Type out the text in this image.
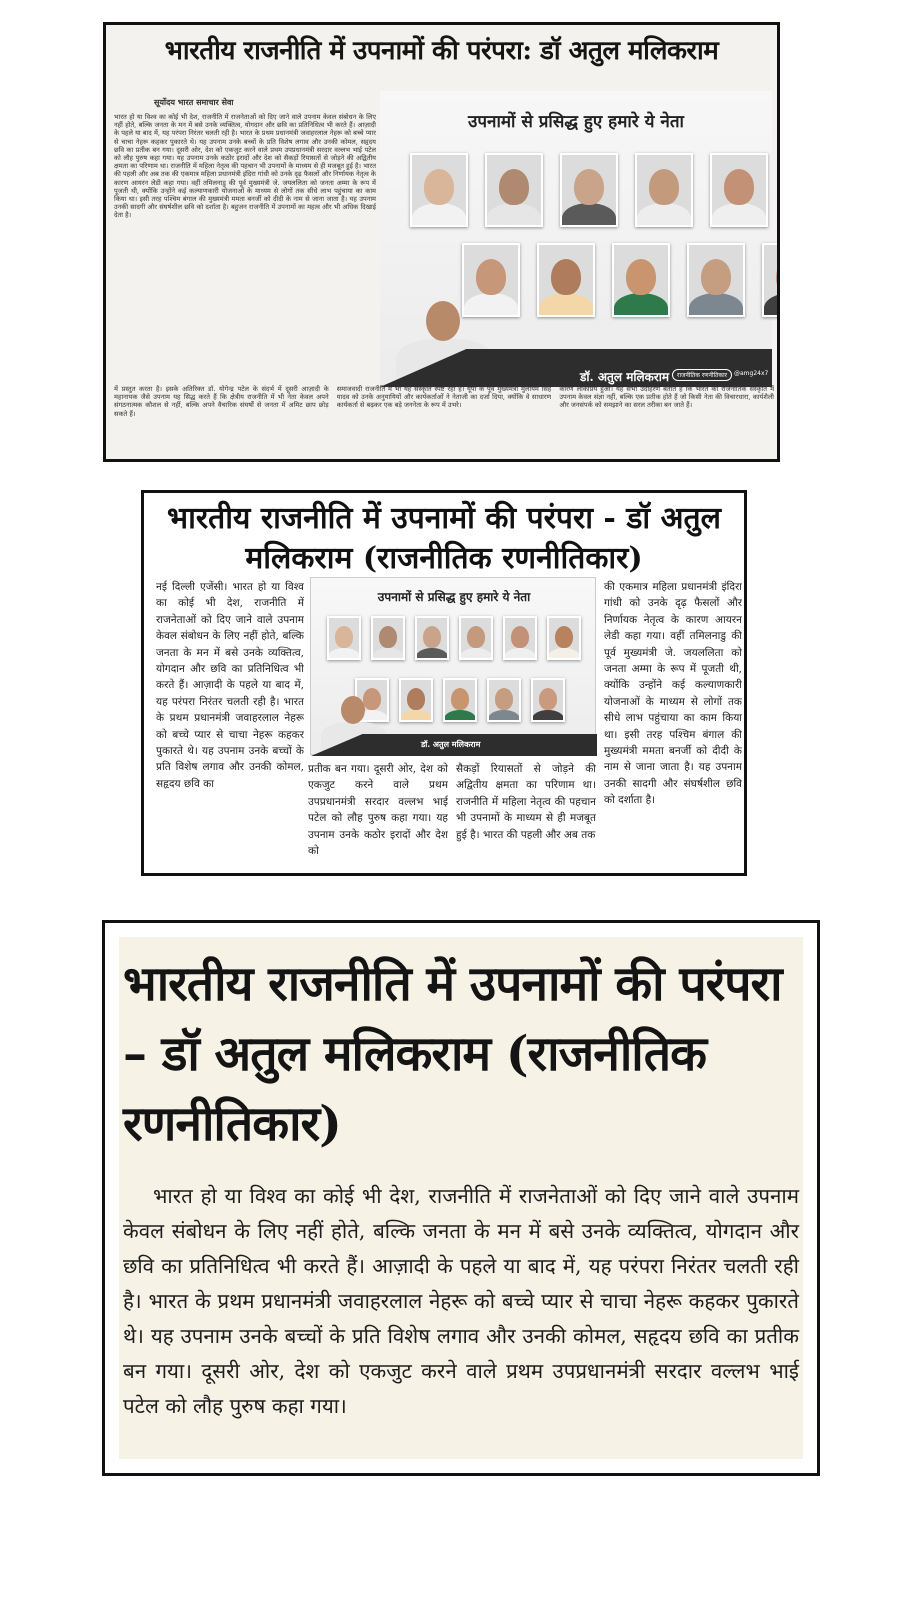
भारतीय राजनीति में उपनामों की परंपरा: डॉ अतुल मलिकराम
सूर्योदय भारत समाचार सेवा
भारत हो या विश्व का कोई भी देश, राजनीति में राजनेताओं को दिए जाने वाले उपनाम केवल संबोधन के लिए नहीं होते, बल्कि जनता के मन में बसे उनके व्यक्तित्व, योगदान और छवि का प्रतिनिधित्व भी करते हैं। आज़ादी के पहले या बाद में, यह परंपरा निरंतर चलती रही है। भारत के प्रथम प्रधानमंत्री जवाहरलाल नेहरू को बच्चे प्यार से चाचा नेहरू कहकर पुकारते थे। यह उपनाम उनके बच्चों के प्रति विशेष लगाव और उनकी कोमल, सहृदय छवि का प्रतीक बन गया। दूसरी ओर, देश को एकजुट करने वाले प्रथम उपप्रधानमंत्री सरदार वल्लभ भाई पटेल को लौह पुरुष कहा गया। यह उपनाम उनके कठोर इरादों और देश को सैकड़ों रियासतों से जोड़ने की अद्वितीय क्षमता का परिणाम था। राजनीति में महिला नेतृत्व की पहचान भी उपनामों के माध्यम से ही मजबूत हुई है। भारत की पहली और अब तक की एकमात्र महिला प्रधानमंत्री इंदिरा गांधी को उनके दृढ़ फैसलों और निर्णायक नेतृत्व के कारण आयरन लेडी कहा गया। वहीं तमिलनाडु की पूर्व मुख्यमंत्री जे. जयललिता को जनता अम्मा के रूप में पूजती थी, क्योंकि उन्होंने कई कल्याणकारी योजनाओं के माध्यम से लोगों तक सीधे लाभ पहुंचाया का काम किया था। इसी तरह पश्चिम बंगाल की मुख्यमंत्री ममता बनर्जी को दीदी के नाम से जाना जाता है। यह उपनाम उनकी सादगी और संघर्षशील छवि को दर्शाता है। बहुजन राजनीति में उपनामों का महत्व और भी अधिक दिखाई देता है।
उपनामों से प्रसिद्ध हुए हमारे ये नेता
डॉ. अतुल मलिकराम	राजनीतिक रणनीतिकार	@amg24x7
में प्रस्तुत करता है। इसके अतिरिक्त डॉ. योगेन्द्र पटेल के संदर्भ में दूसरी आज़ादी के महानायक जैसे उपनाम यह सिद्ध करते हैं कि क्षेत्रीय राजनीति में भी नेता केवल अपने संगठनात्मक कौशल से नहीं, बल्कि अपने वैचारिक संघर्षों से जनता में अमिट छाप छोड़ सकते हैं।
समाजवादी राजनीति में भी यह संस्कृति स्पष्ट रही है। यूपी के पूर्व मुख्यमंत्री मुलायम सिंह यादव को उनके अनुयायियों और कार्यकर्ताओं ने नेताजी का दर्जा दिया, क्योंकि वे साधारण कार्यकर्ता से बढ़कर एक बड़े जननेता के रूप में उभरे।
कारण लोकप्रिय हुआ। यह सभी उदाहरण बताते हैं कि भारत की राजनीतिक संस्कृति में उपनाम केवल संज्ञा नहीं, बल्कि एक प्रतीक होते हैं जो किसी नेता की विचारधारा, कार्यशैली और जनसंपर्क को समझाने का सरल तरीका बन जाते हैं।
भारतीय राजनीति में उपनामों की परंपरा - डॉ अतुल मलिकराम (राजनीतिक रणनीतिकार)
नई दिल्ली एजेंसी। भारत हो या विश्व का कोई भी देश, राजनीति में राजनेताओं को दिए जाने वाले उपनाम केवल संबोधन के लिए नहीं होते, बल्कि जनता के मन में बसे उनके व्यक्तित्व, योगदान और छवि का प्रतिनिधित्व भी करते हैं। आज़ादी के पहले या बाद में, यह परंपरा निरंतर चलती रही है। भारत के प्रथम प्रधानमंत्री जवाहरलाल नेहरू को बच्चे प्यार से चाचा नेहरू कहकर पुकारते थे। यह उपनाम उनके बच्चों के प्रति विशेष लगाव और उनकी कोमल, सहृदय छवि का
उपनामों से प्रसिद्ध हुए हमारे ये नेता
डॉ. अतुल मलिकराम
प्रतीक बन गया। दूसरी ओर, देश को एकजुट करने वाले प्रथम उपप्रधानमंत्री सरदार वल्लभ भाई पटेल को लौह पुरुष कहा गया। यह उपनाम उनके कठोर इरादों और देश को
सैकड़ों रियासतों से जोड़ने की अद्वितीय क्षमता का परिणाम था। राजनीति में महिला नेतृत्व की पहचान भी उपनामों के माध्यम से ही मजबूत हुई है। भारत की पहली और अब तक
की एकमात्र महिला प्रधानमंत्री इंदिरा गांधी को उनके दृढ़ फैसलों और निर्णायक नेतृत्व के कारण आयरन लेडी कहा गया। वहीं तमिलनाडु की पूर्व मुख्यमंत्री जे. जयललिता को जनता अम्मा के रूप में पूजती थी, क्योंकि उन्होंने कई कल्याणकारी योजनाओं के माध्यम से लोगों तक सीधे लाभ पहुंचाया का काम किया था। इसी तरह पश्चिम बंगाल की मुख्यमंत्री ममता बनर्जी को दीदी के नाम से जाना जाता है। यह उपनाम उनकी सादगी और संघर्षशील छवि को दर्शाता है।
भारतीय राजनीति में उपनामों की परंपरा – डॉ अतुल मलिकराम (राजनीतिक रणनीतिकार)
भारत हो या विश्व का कोई भी देश, राजनीति में राजनेताओं को दिए जाने वाले उपनाम केवल संबोधन के लिए नहीं होते, बल्कि जनता के मन में बसे उनके व्यक्तित्व, योगदान और छवि का प्रतिनिधित्व भी करते हैं। आज़ादी के पहले या बाद में, यह परंपरा निरंतर चलती रही है। भारत के प्रथम प्रधानमंत्री जवाहरलाल नेहरू को बच्चे प्यार से चाचा नेहरू कहकर पुकारते थे। यह उपनाम उनके बच्चों के प्रति विशेष लगाव और उनकी कोमल, सहृदय छवि का प्रतीक बन गया। दूसरी ओर, देश को एकजुट करने वाले प्रथम उपप्रधानमंत्री सरदार वल्लभ भाई पटेल को लौह पुरुष कहा गया।
